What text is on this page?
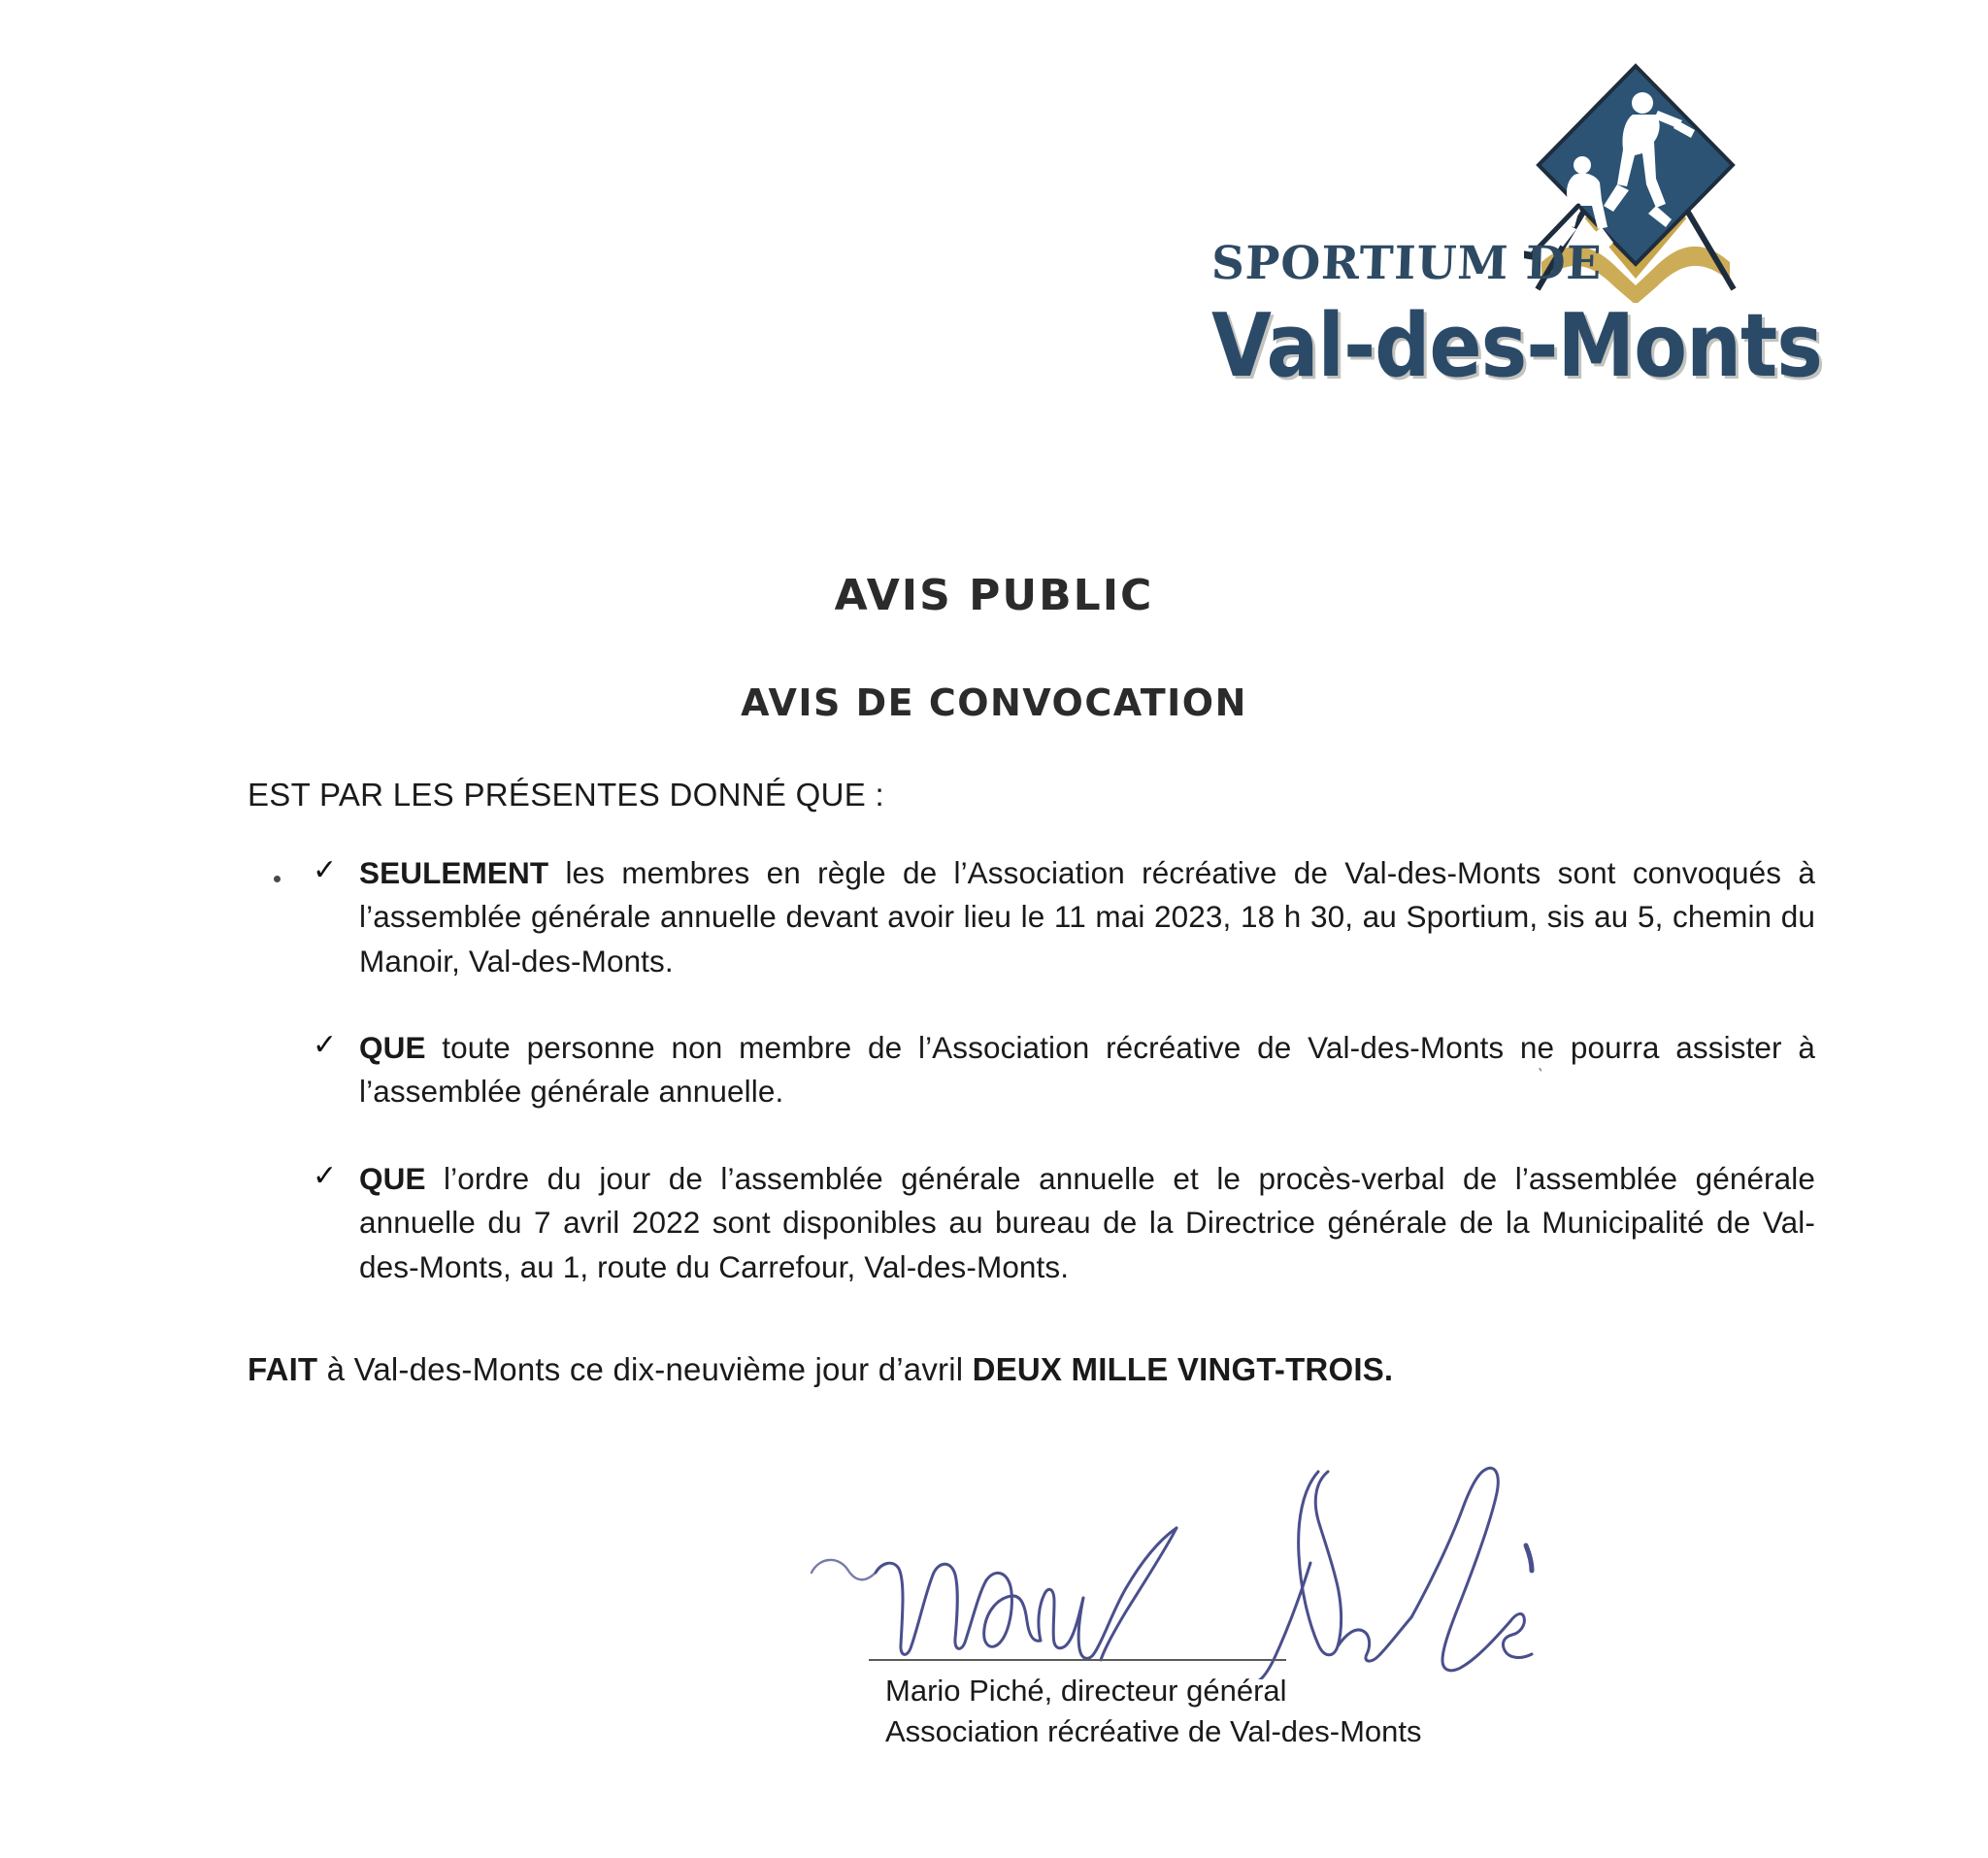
SPORTIUM DE
Val-des-Monts
AVIS PUBLIC
AVIS DE CONVOCATION
EST PAR LES PRÉSENTES DONNÉ QUE :
ˋ
✓ SEULEMENT les membres en règle de l’Association récréative de Val-des-Monts sont convoqués à l’assemblée générale annuelle devant avoir lieu le 11 mai 2023, 18 h 30, au Sportium, sis au 5, chemin du Manoir, Val-des-Monts.
✓ QUE toute personne non membre de l’Association récréative de Val-des-Monts ne pourra assister à l’assemblée générale annuelle.
✓ QUE l’ordre du jour de l’assemblée générale annuelle et le procès-verbal de l’assemblée générale annuelle du 7 avril 2022 sont disponibles au bureau de la Directrice générale de la Municipalité de Val-des-Monts, au 1, route du Carrefour, Val-des-Monts.
FAIT à Val-des-Monts ce dix-neuvième jour d’avril DEUX MILLE VINGT-TROIS.
Mario Piché, directeur général
Association récréative de Val-des-Monts
